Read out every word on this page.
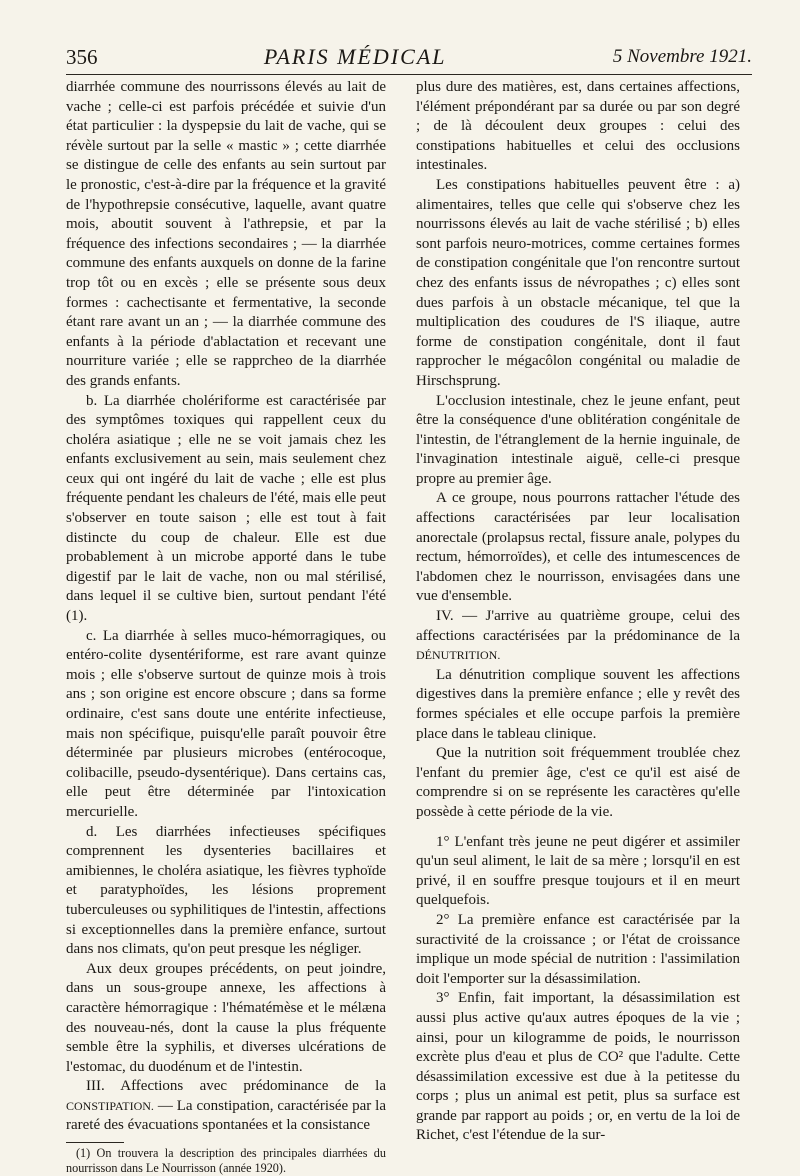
356	PARIS MÉDICAL	5 Novembre 1921.

diarrhée commune des nourrissons élevés au lait de vache ; celle-ci est parfois précédée et suivie d'un état particulier : la dyspepsie du lait de vache, qui se révèle surtout par la selle « mastic » ; cette diarrhée se distingue de celle des enfants au sein surtout par le pronostic, c'est-à-dire par la fréquence et la gravité de l'hypothrepsie consécutive, laquelle, avant quatre mois, aboutit souvent à l'athrepsie, et par la fréquence des infections secondaires ; — la diarrhée commune des enfants auxquels on donne de la farine trop tôt ou en excès ; elle se présente sous deux formes : cachectisante et fermentative, la seconde étant rare avant un an ; — la diarrhée commune des enfants à la période d'ablactation et recevant une nourriture variée ; elle se rapprcheo de la diarrhée des grands enfants.

b. La diarrhée cholériforme est caractérisée par des symptômes toxiques qui rappellent ceux du choléra asiatique ; elle ne se voit jamais chez les enfants exclusivement au sein, mais seulement chez ceux qui ont ingéré du lait de vache ; elle est plus fréquente pendant les chaleurs de l'été, mais elle peut s'observer en toute saison ; elle est tout à fait distincte du coup de chaleur. Elle est due probablement à un microbe apporté dans le tube digestif par le lait de vache, non ou mal stérilisé, dans lequel il se cultive bien, surtout pendant l'été (1).

c. La diarrhée à selles muco-hémorragiques, ou entéro-colite dysentériforme, est rare avant quinze mois ; elle s'observe surtout de quinze mois à trois ans ; son origine est encore obscure ; dans sa forme ordinaire, c'est sans doute une entérite infectieuse, mais non spécifique, puisqu'elle paraît pouvoir être déterminée par plusieurs microbes (entérocoque, colibacille, pseudo-dysentérique). Dans certains cas, elle peut être déterminée par l'intoxication mercurielle.

d. Les diarrhées infectieuses spécifiques comprennent les dysenteries bacillaires et amibiennes, le choléra asiatique, les fièvres typhoïde et paratyphoïdes, les lésions proprement tuberculeuses ou syphilitiques de l'intestin, affections si exceptionnelles dans la première enfance, surtout dans nos climats, qu'on peut presque les négliger.

Aux deux groupes précédents, on peut joindre, dans un sous-groupe annexe, les affections à caractère hémorragique : l'hématémèse et le mélæna des nouveau-nés, dont la cause la plus fréquente semble être la syphilis, et diverses ulcérations de l'estomac, du duodénum et de l'intestin.

III. Affections avec prédominance de la CONSTIPATION. — La constipation, caractérisée par la rareté des évacuations spontanées et la consistance

(1) On trouvera la description des principales diarrhées du nourrisson dans Le Nourrisson (année 1920).

plus dure des matières, est, dans certaines affections, l'élément prépondérant par sa durée ou par son degré ; de là découlent deux groupes : celui des constipations habituelles et celui des occlusions intestinales.

Les constipations habituelles peuvent être : a) alimentaires, telles que celle qui s'observe chez les nourrissons élevés au lait de vache stérilisé ; b) elles sont parfois neuro-motrices, comme certaines formes de constipation congénitale que l'on rencontre surtout chez des enfants issus de névropathes ; c) elles sont dues parfois à un obstacle mécanique, tel que la multiplication des coudures de l'S iliaque, autre forme de constipation congénitale, dont il faut rapprocher le mégacôlon congénital ou maladie de Hirschsprung.

L'occlusion intestinale, chez le jeune enfant, peut être la conséquence d'une oblitération congénitale de l'intestin, de l'étranglement de la hernie inguinale, de l'invagination intestinale aiguë, celle-ci presque propre au premier âge.

A ce groupe, nous pourrons rattacher l'étude des affections caractérisées par leur localisation anorectale (prolapsus rectal, fissure anale, polypes du rectum, hémorroïdes), et celle des intumescences de l'abdomen chez le nourrisson, envisagées dans une vue d'ensemble.

IV. — J'arrive au quatrième groupe, celui des affections caractérisées par la prédominance de la DÉNUTRITION.

La dénutrition complique souvent les affections digestives dans la première enfance ; elle y revêt des formes spéciales et elle occupe parfois la première place dans le tableau clinique.

Que la nutrition soit fréquemment troublée chez l'enfant du premier âge, c'est ce qu'il est aisé de comprendre si on se représente les caractères qu'elle possède à cette période de la vie.

1° L'enfant très jeune ne peut digérer et assimiler qu'un seul aliment, le lait de sa mère ; lorsqu'il en est privé, il en souffre presque toujours et il en meurt quelquefois.

2° La première enfance est caractérisée par la suractivité de la croissance ; or l'état de croissance implique un mode spécial de nutrition : l'assimilation doit l'emporter sur la désassimilation.

3° Enfin, fait important, la désassimilation est aussi plus active qu'aux autres époques de la vie ; ainsi, pour un kilogramme de poids, le nourrisson excrète plus d'eau et plus de CO² que l'adulte. Cette désassimilation excessive est due à la petitesse du corps ; plus un animal est petit, plus sa surface est grande par rapport au poids ; or, en vertu de la loi de Richet, c'est l'étendue de la sur-
